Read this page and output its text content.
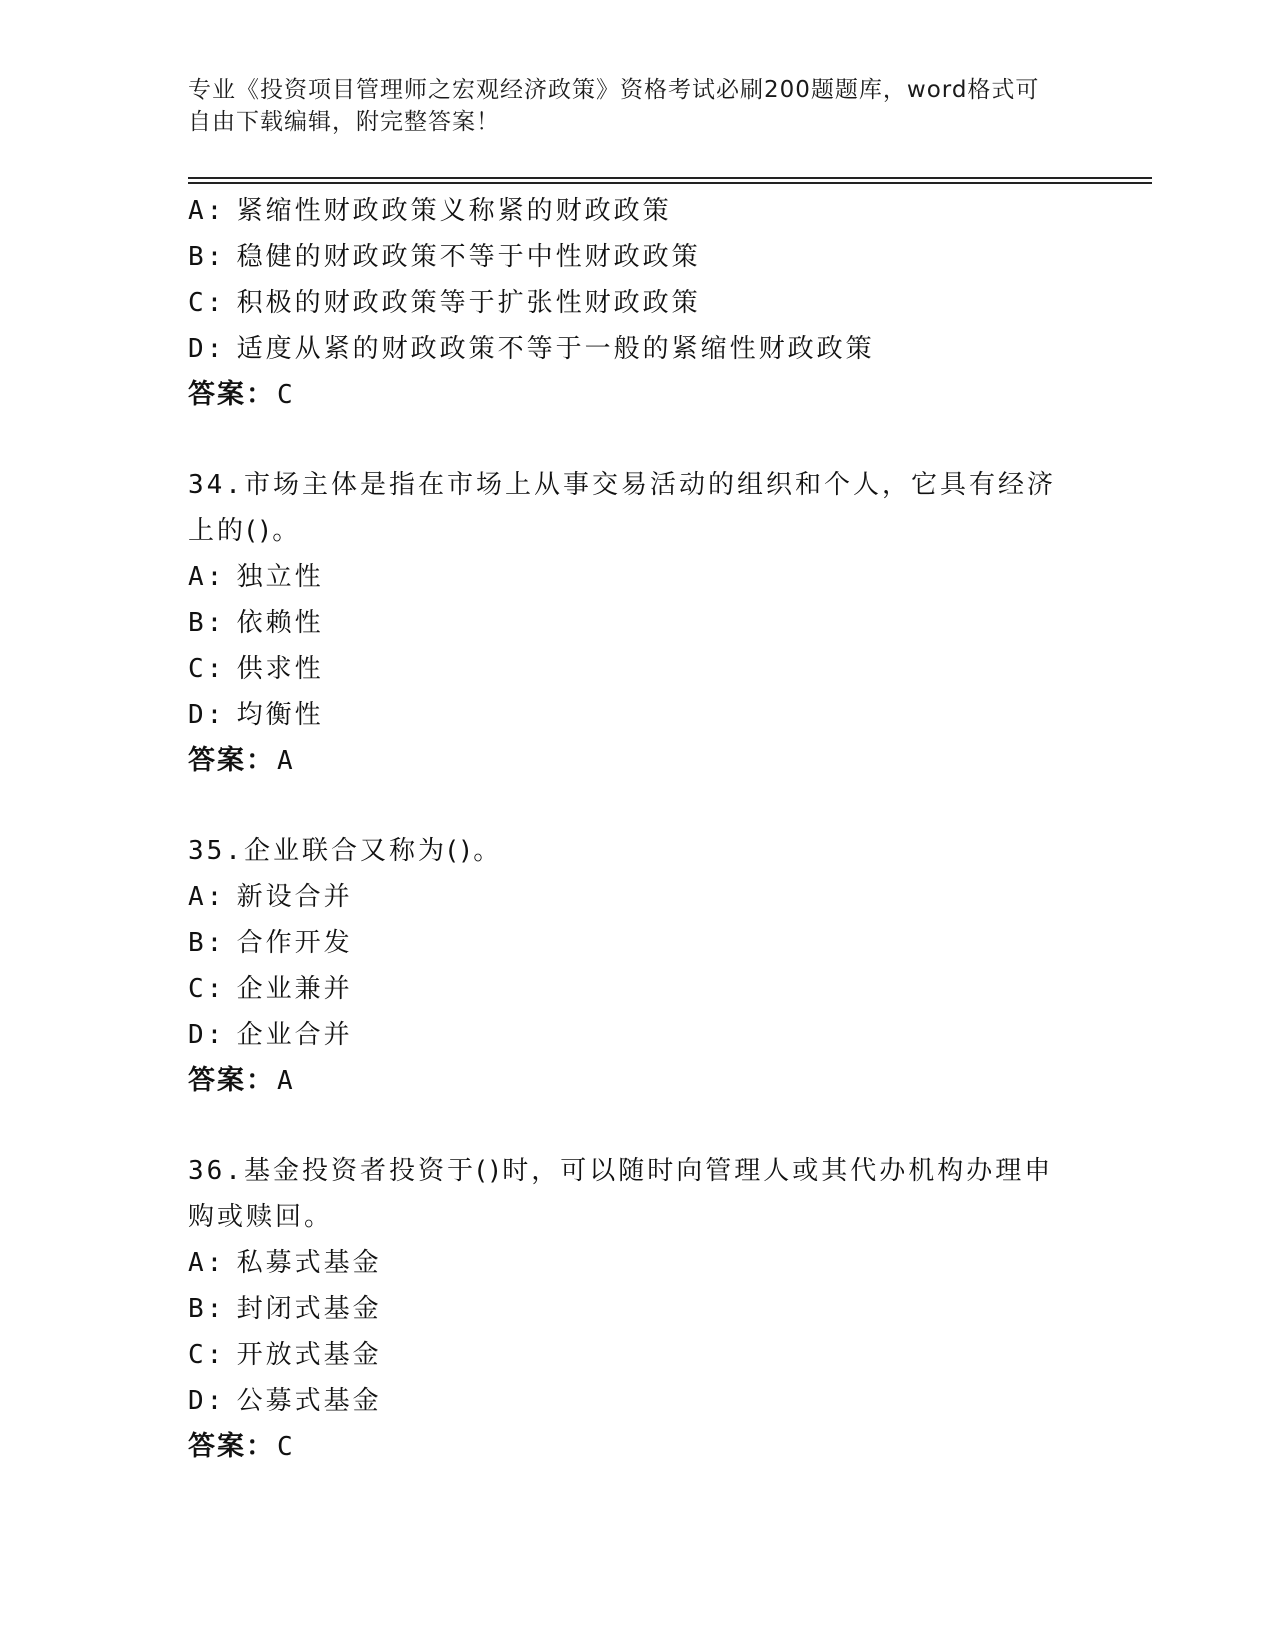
专业《投资项目管理师之宏观经济政策》资格考试必刷200题题库，word格式可
自由下载编辑，附完整答案！
A: 紧缩性财政政策义称紧的财政政策
B: 稳健的财政政策不等于中性财政政策
C: 积极的财政政策等于扩张性财政政策
D: 适度从紧的财政政策不等于一般的紧缩性财政政策
答案：C
34.市场主体是指在市场上从事交易活动的组织和个人，它具有经济上的()。
A: 独立性
B: 依赖性
C: 供求性
D: 均衡性
答案：A
35.企业联合又称为()。
A: 新设合并
B: 合作开发
C: 企业兼并
D: 企业合并
答案：A
36.基金投资者投资于()时，可以随时向管理人或其代办机构办理申购或赎回。
A: 私募式基金
B: 封闭式基金
C: 开放式基金
D: 公募式基金
答案：C
